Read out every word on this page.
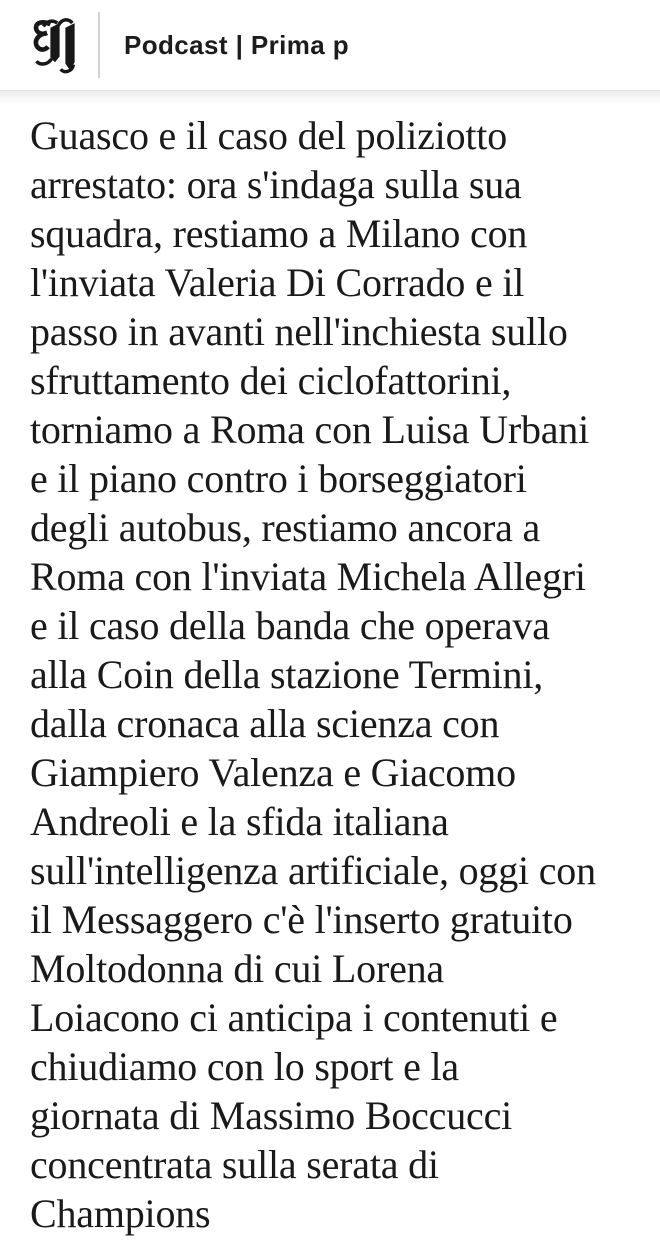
Podcast | Prima p
Guasco e il caso del poliziotto
arrestato: ora s'indaga sulla sua
squadra, restiamo a Milano con
l'inviata Valeria Di Corrado e il
passo in avanti nell'inchiesta sullo
sfruttamento dei ciclofattorini,
torniamo a Roma con Luisa Urbani
e il piano contro i borseggiatori
degli autobus, restiamo ancora a
Roma con l'inviata Michela Allegri
e il caso della banda che operava
alla Coin della stazione Termini,
dalla cronaca alla scienza con
Giampiero Valenza e Giacomo
Andreoli e la sfida italiana
sull'intelligenza artificiale, oggi con
il Messaggero c'è l'inserto gratuito
Moltodonna di cui Lorena
Loiacono ci anticipa i contenuti e
chiudiamo con lo sport e la
giornata di Massimo Boccucci
concentrata sulla serata di
Champions
